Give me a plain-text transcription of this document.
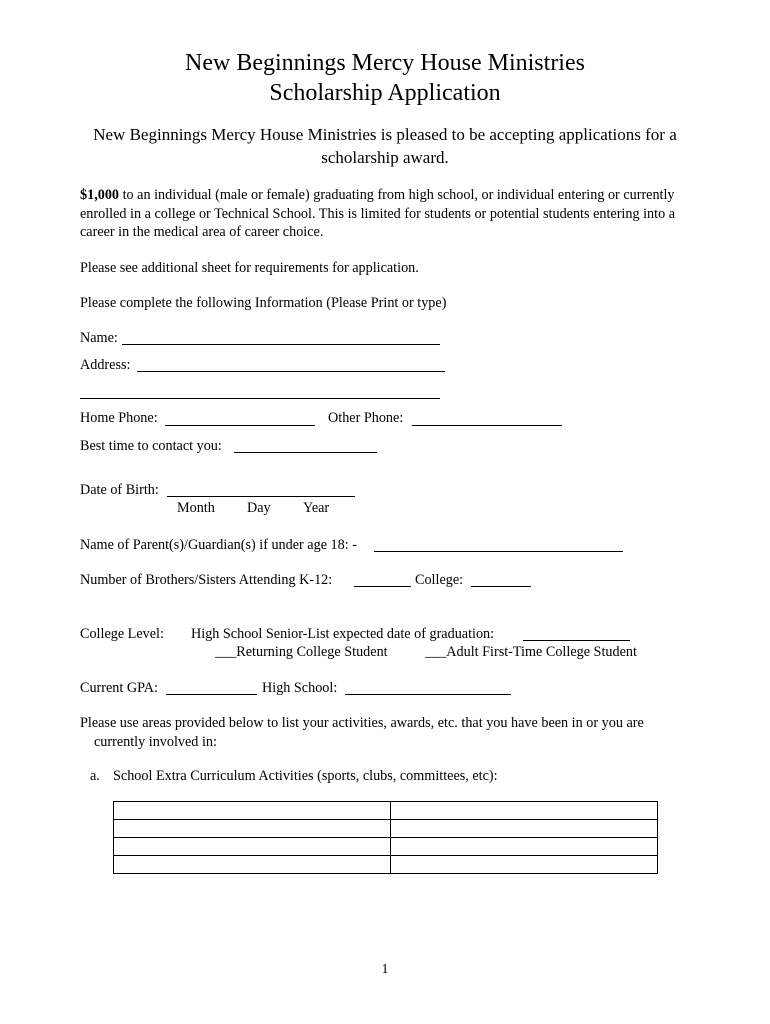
New Beginnings Mercy House Ministries
Scholarship Application
New Beginnings Mercy House Ministries is pleased to be accepting applications for a
scholarship award.
$1,000 to an individual (male or female) graduating from high school, or individual entering or currently enrolled in a college or Technical School. This is limited for students or potential students entering into a career in the medical area of career choice.
Please see additional sheet for requirements for application.
Please complete the following Information (Please Print or type)
Name:
Address:
Home Phone:	Other Phone:
Best time to contact you:
Date of Birth:
Month Day Year
Name of Parent(s)/Guardian(s) if under age 18: -
Number of Brothers/Sisters Attending K-12:	College:
College Level: High School Senior-List expected date of graduation:
___Returning College Student	___Adult First-Time College Student
Current GPA:	High School:
Please use areas provided below to list your activities, awards, etc. that you have been in or you are
currently involved in:
a. School Extra Curriculum Activities (sports, clubs, committees, etc):

1
